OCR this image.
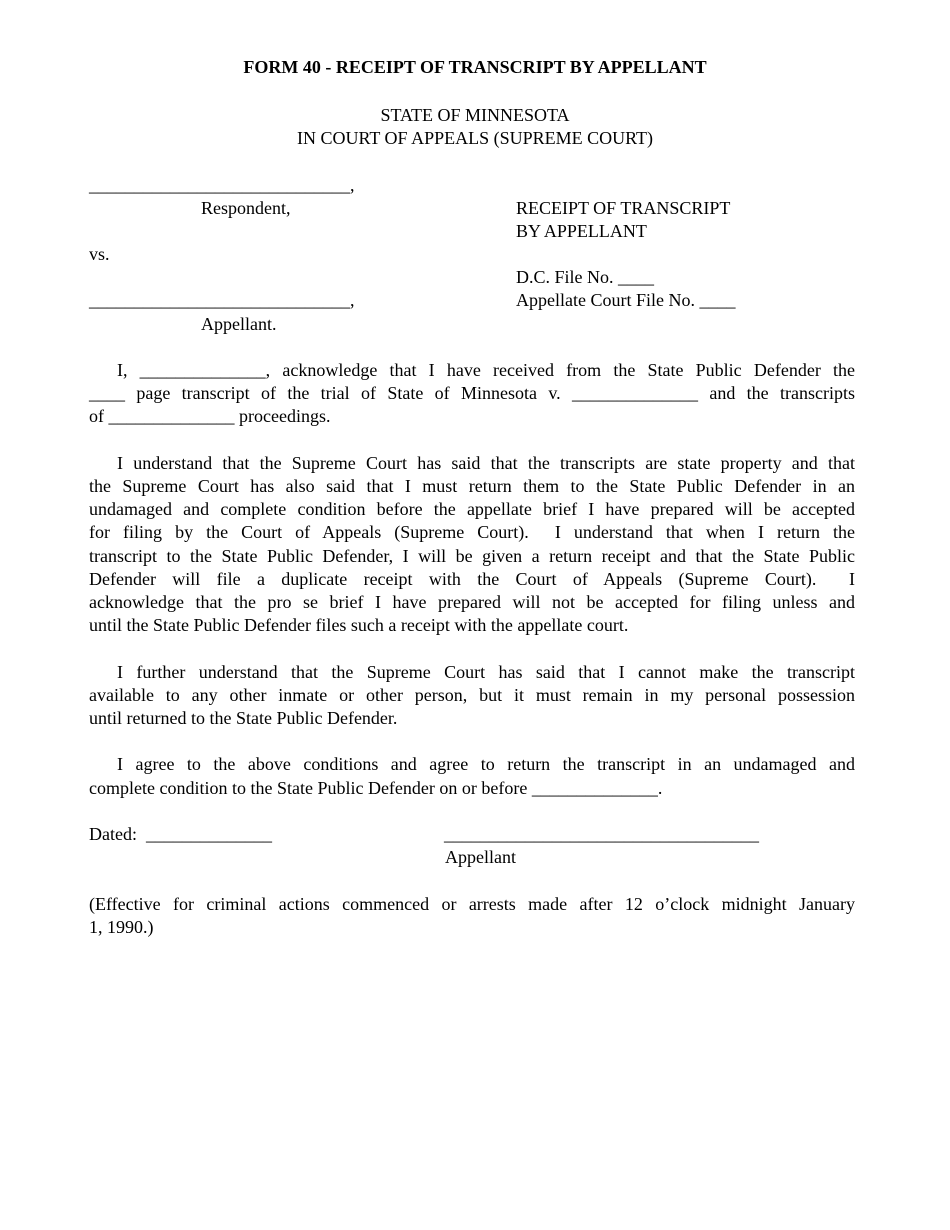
FORM 40 - RECEIPT OF TRANSCRIPT BY APPELLANT
STATE OF MINNESOTA
IN COURT OF APPEALS (SUPREME COURT)
_____________________________,
Respondent,
vs.
_____________________________,
Appellant.
RECEIPT OF TRANSCRIPT
BY APPELLANT
D.C. File No. ____
Appellate Court File No. ____
I, ______________, acknowledge that I have received from the State Public Defender the
____ page transcript of the trial of State of Minnesota v. ______________ and the transcripts
of ______________ proceedings.
I understand that the Supreme Court has said that the transcripts are state property and that
the Supreme Court has also said that I must return them to the State Public Defender in an
undamaged and complete condition before the appellate brief I have prepared will be accepted
for filing by the Court of Appeals (Supreme Court).  I understand that when I return the
transcript to the State Public Defender, I will be given a return receipt and that the State Public
Defender will file a duplicate receipt with the Court of Appeals (Supreme Court).  I
acknowledge that the pro se brief I have prepared will not be accepted for filing unless and
until the State Public Defender files such a receipt with the appellate court.
I further understand that the Supreme Court has said that I cannot make the transcript
available to any other inmate or other person, but it must remain in my personal possession
until returned to the State Public Defender.
I agree to the above conditions and agree to return the transcript in an undamaged and
complete condition to the State Public Defender on or before ______________.
Dated:  ______________	___________________________________
Appellant
(Effective for criminal actions commenced or arrests made after 12 o’clock midnight January
1, 1990.)
